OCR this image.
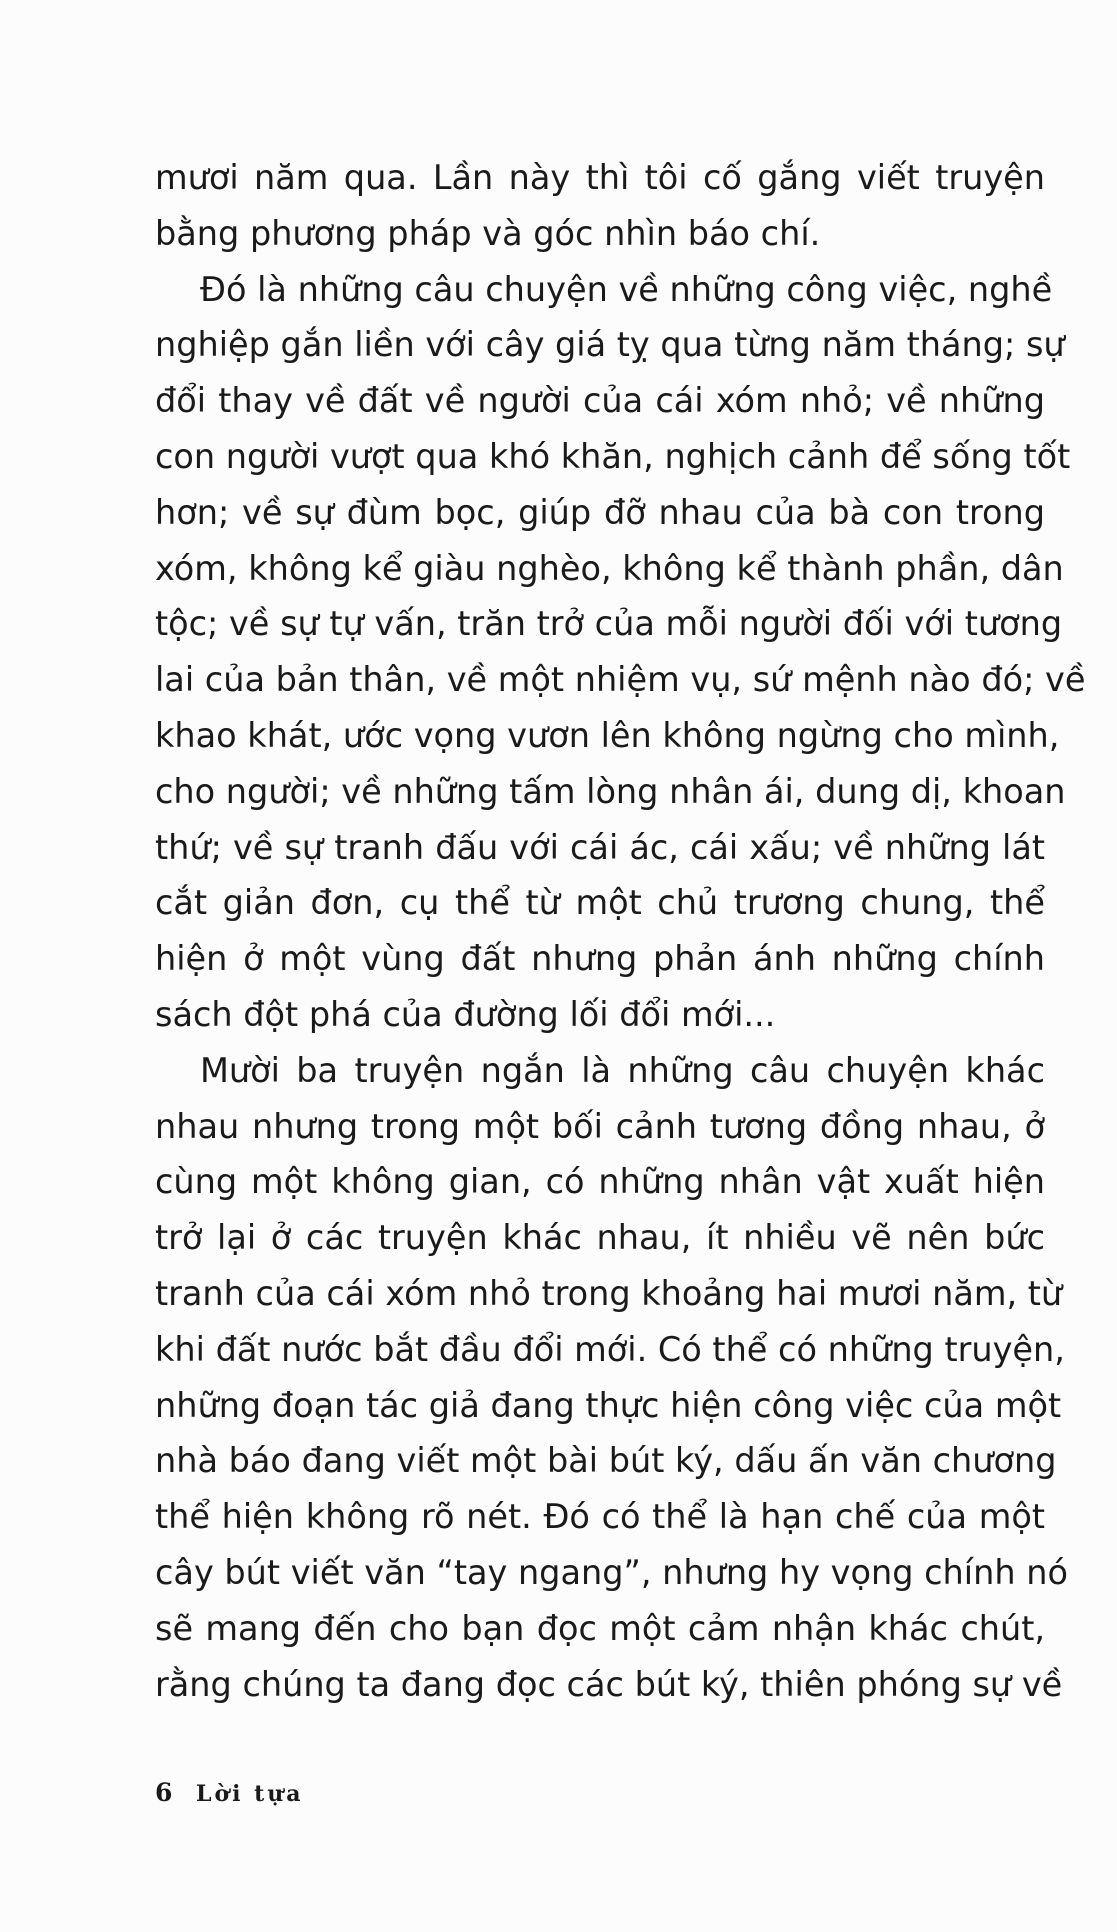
mươi năm qua. Lần này thì tôi cố gắng viết truyện
bằng phương pháp và góc nhìn báo chí.
Đó là những câu chuyện về những công việc, nghề
nghiệp gắn liền với cây giá tỵ qua từng năm tháng; sự
đổi thay về đất về người của cái xóm nhỏ; về những
con người vượt qua khó khăn, nghịch cảnh để sống tốt
hơn; về sự đùm bọc, giúp đỡ nhau của bà con trong
xóm, không kể giàu nghèo, không kể thành phần, dân
tộc; về sự tự vấn, trăn trở của mỗi người đối với tương
lai của bản thân, về một nhiệm vụ, sứ mệnh nào đó; về
khao khát, ước vọng vươn lên không ngừng cho mình,
cho người; về những tấm lòng nhân ái, dung dị, khoan
thứ; về sự tranh đấu với cái ác, cái xấu; về những lát
cắt giản đơn, cụ thể từ một chủ trương chung, thể
hiện ở một vùng đất nhưng phản ánh những chính
sách đột phá của đường lối đổi mới...
Mười ba truyện ngắn là những câu chuyện khác
nhau nhưng trong một bối cảnh tương đồng nhau, ở
cùng một không gian, có những nhân vật xuất hiện
trở lại ở các truyện khác nhau, ít nhiều vẽ nên bức
tranh của cái xóm nhỏ trong khoảng hai mươi năm, từ
khi đất nước bắt đầu đổi mới. Có thể có những truyện,
những đoạn tác giả đang thực hiện công việc của một
nhà báo đang viết một bài bút ký, dấu ấn văn chương
thể hiện không rõ nét. Đó có thể là hạn chế của một
cây bút viết văn “tay ngang”, nhưng hy vọng chính nó
sẽ mang đến cho bạn đọc một cảm nhận khác chút,
rằng chúng ta đang đọc các bút ký, thiên phóng sự về
6 Lời tựa
